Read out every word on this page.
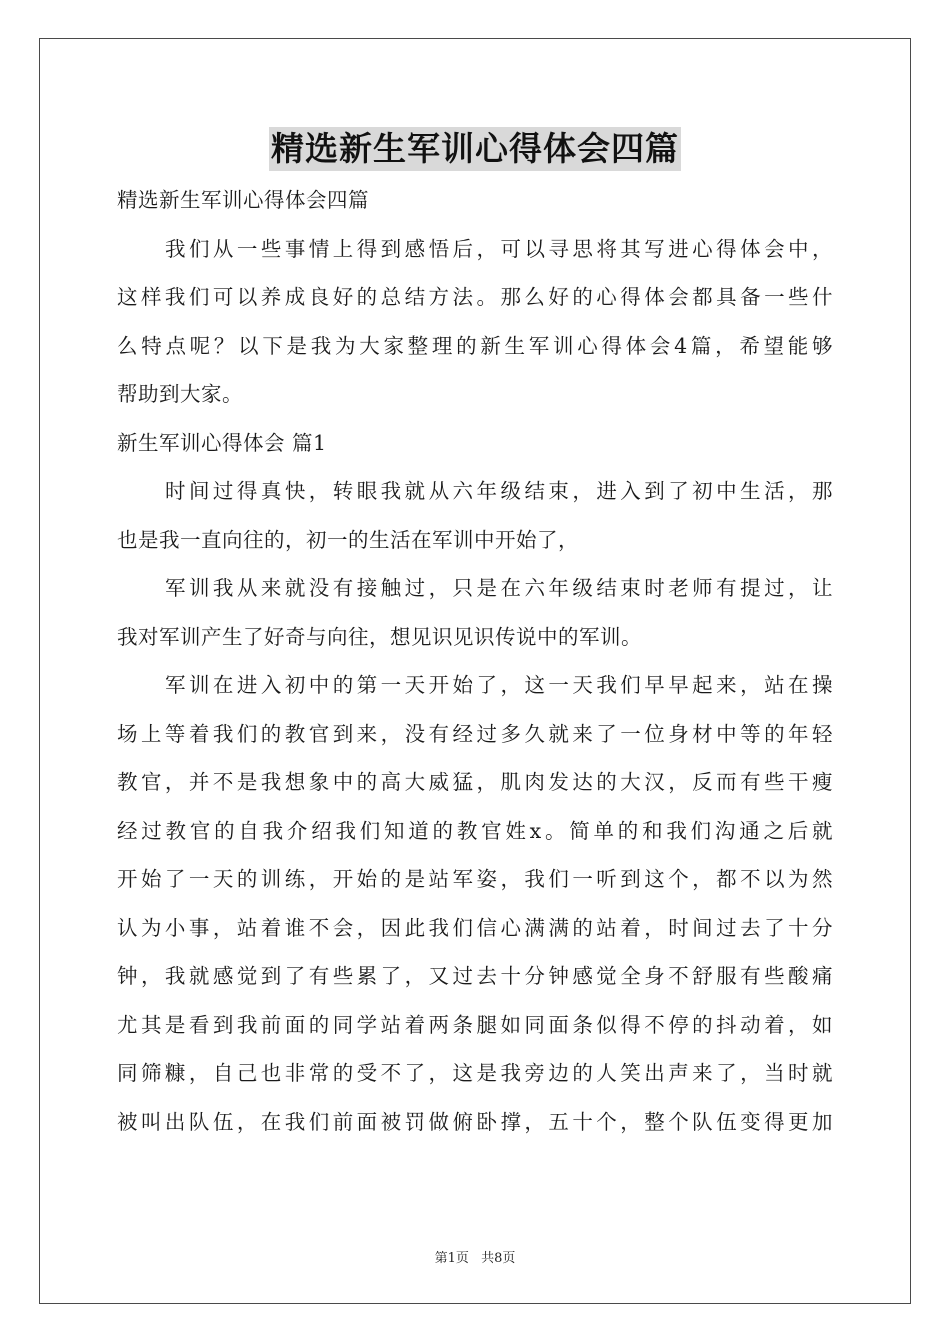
精选新生军训心得体会四篇
精选新生军训心得体会四篇
我们从一些事情上得到感悟后，可以寻思将其写进心得体会中，
这样我们可以养成良好的总结方法。那么好的心得体会都具备一些什
么特点呢？以下是我为大家整理的新生军训心得体会4篇，希望能够
帮助到大家。
新生军训心得体会 篇1
时间过得真快，转眼我就从六年级结束，进入到了初中生活，那
也是我一直向往的，初一的生活在军训中开始了，
军训我从来就没有接触过，只是在六年级结束时老师有提过，让
我对军训产生了好奇与向往，想见识见识传说中的军训。
军训在进入初中的第一天开始了，这一天我们早早起来，站在操
场上等着我们的教官到来，没有经过多久就来了一位身材中等的年轻
教官，并不是我想象中的高大威猛，肌肉发达的大汉，反而有些干瘦
经过教官的自我介绍我们知道的教官姓x。简单的和我们沟通之后就
开始了一天的训练，开始的是站军姿，我们一听到这个，都不以为然
认为小事，站着谁不会，因此我们信心满满的站着，时间过去了十分
钟，我就感觉到了有些累了，又过去十分钟感觉全身不舒服有些酸痛
尤其是看到我前面的同学站着两条腿如同面条似得不停的抖动着，如
同筛糠，自己也非常的受不了，这是我旁边的人笑出声来了，当时就
被叫出队伍，在我们前面被罚做俯卧撑，五十个，整个队伍变得更加
第1页 共8页
